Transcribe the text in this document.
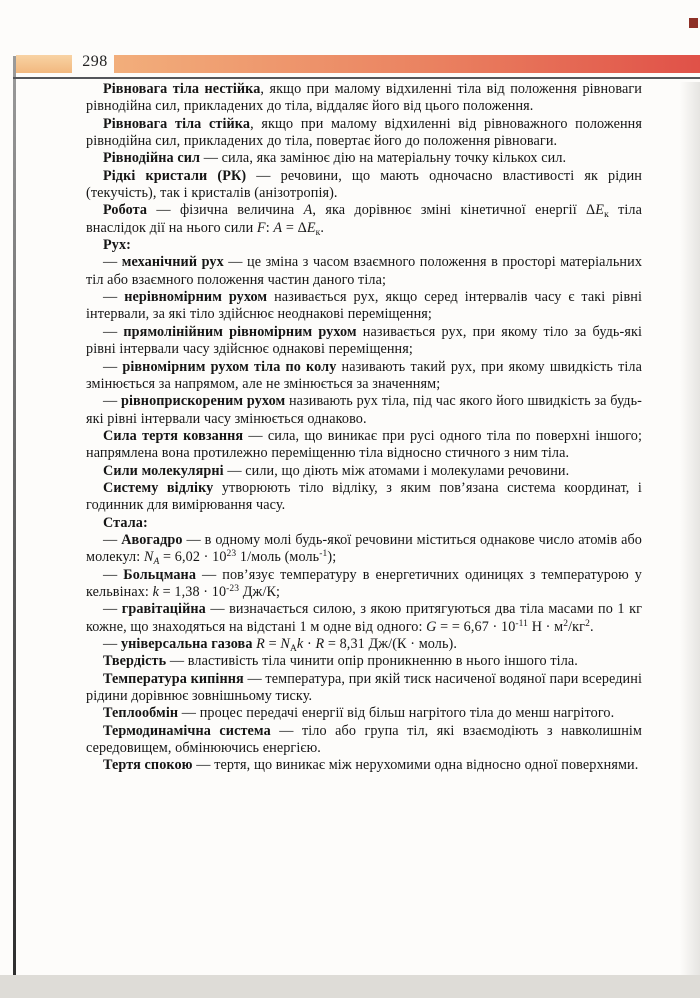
298

Рівновага тіла нестійка, якщо при малому відхиленні тіла від положення рівноваги рівнодійна сил, прикладених до тіла, віддаляє його від цього положення.

Рівновага тіла стійка, якщо при малому відхиленні від рівноважного положення рівнодійна сил, прикладених до тіла, повертає його до положення рівноваги.

Рівнодійна сил — сила, яка замінює дію на матеріальну точку кількох сил.

Рідкі кристали (РК) — речовини, що мають одночасно властивості як рідин (текучість), так і кристалів (анізотропія).

Робота — фізична величина A, яка дорівнює зміні кінетичної енергії $\Delta E_к$ тіла внаслідок дії на нього сили F: $A = \Delta E_к$.

Рух:

— механічний рух — це зміна з часом взаємного положення в просторі матеріальних тіл або взаємного положення частин даного тіла;

— нерівномірним рухом називається рух, якщо серед інтервалів часу є такі рівні інтервали, за які тіло здійснює неоднакові переміщення;

— прямолінійним рівномірним рухом називається рух, при якому тіло за будь-які рівні інтервали часу здійснює однакові переміщення;

— рівномірним рухом тіла по колу називають такий рух, при якому швидкість тіла змінюється за напрямом, але не змінюється за значенням;

— рівноприскореним рухом називають рух тіла, під час якого його швидкість за будь-які рівні інтервали часу змінюється однаково.

Сила тертя ковзання — сила, що виникає при русі одного тіла по поверхні іншого; напрямлена вона протилежно переміщенню тіла відносно стичного з ним тіла.

Сили молекулярні — сили, що діють між атомами і молекулами речовини.

Систему відліку утворюють тіло відліку, з яким пов’язана система координат, і годинник для вимірювання часу.

Стала:

— Авогадро — в одному молі будь-якої речовини міститься однакове число атомів або молекул: $N_A = 6,02 \cdot 10^{23}$ 1/моль (моль$^{-1}$);

— Больцмана — пов’язує температуру в енергетичних одиницях з температурою у кельвінах: $k = 1,38 \cdot 10^{-23}$ Дж/К;

— гравітаційна — визначається силою, з якою притягуються два тіла масами по 1 кг кожне, що знаходяться на відстані 1 м одне від одного: G = = $6,67 \cdot 10^{-11}$ $Н \cdot м^2/кг^2$.

— універсальна газова $R = N_Ak \cdot R = 8,31$ Дж/(К · моль).

Твердість — властивість тіла чинити опір проникненню в нього іншого тіла.

Температура кипіння — температура, при якій тиск насиченої водяної пари всередині рідини дорівнює зовнішньому тиску.

Теплообмін — процес передачі енергії від більш нагрітого тіла до менш нагрітого.

Термодинамічна система — тіло або група тіл, які взаємодіють з навколишнім середовищем, обмінюючись енергією.

Тертя спокою — тертя, що виникає між нерухомими одна відносно одної поверхнями.
